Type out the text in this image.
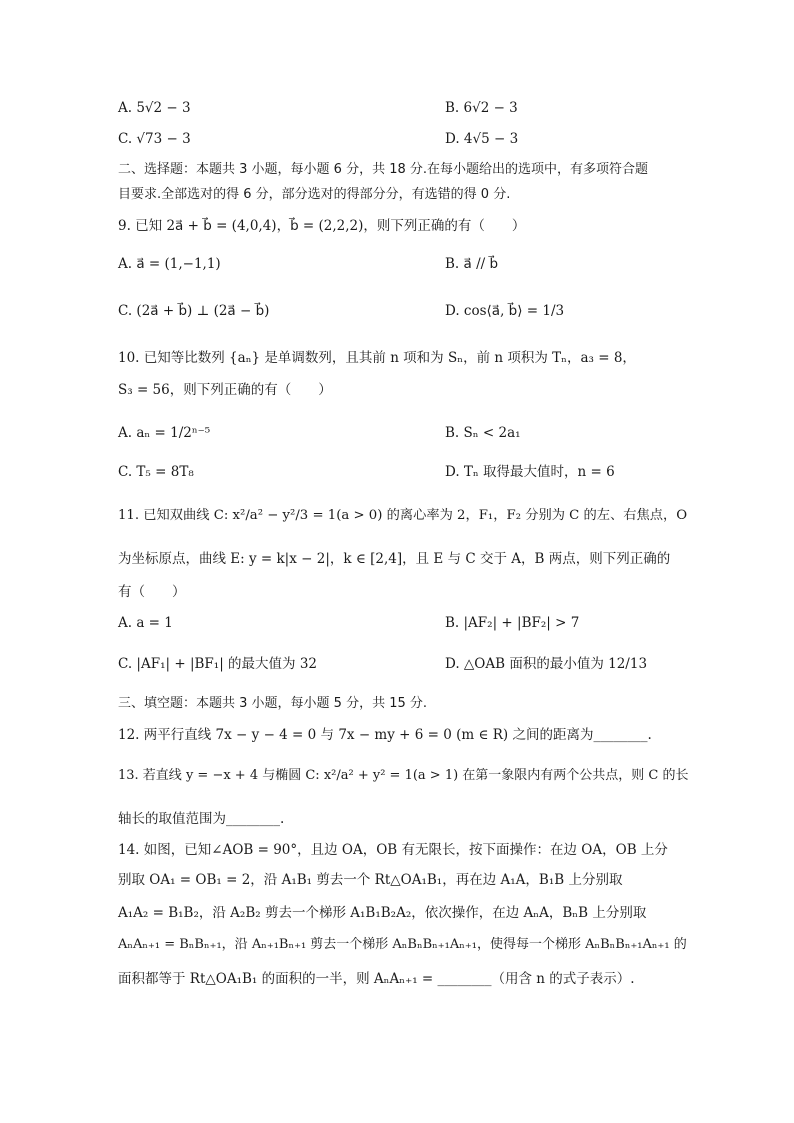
A. 5√2 − 3	B. 6√2 − 3
C. √73 − 3	D. 4√5 − 3
二、选择题：本题共 3 小题，每小题 6 分，共 18 分.在每小题给出的选项中，有多项符合题
目要求.全部选对的得 6 分，部分选对的得部分分，有选错的得 0 分.
9. 已知 2a⃗ + b⃗ = (4,0,4)，b⃗ = (2,2,2)，则下列正确的有（　　）
A. a⃗ = (1,−1,1)	B. a⃗ // b⃗
C. (2a⃗ + b⃗) ⊥ (2a⃗ − b⃗)	D. cos⟨a⃗, b⃗⟩ = 1/3
10. 已知等比数列 {aₙ} 是单调数列，且其前 n 项和为 Sₙ，前 n 项积为 Tₙ，a₃ = 8，
S₃ = 56，则下列正确的有（　　）
A. aₙ = 1/2ⁿ⁻⁵	B. Sₙ < 2a₁
C. T₅ = 8T₈	D. Tₙ 取得最大值时，n = 6
11. 已知双曲线 C: x²/a² − y²/3 = 1(a > 0) 的离心率为 2，F₁，F₂ 分别为 C 的左、右焦点，O
为坐标原点，曲线 E: y = k|x − 2|，k ∈ [2,4]，且 E 与 C 交于 A，B 两点，则下列正确的
有（　　）
A. a = 1	B. |AF₂| + |BF₂| > 7
C. |AF₁| + |BF₁| 的最大值为 32	D. △OAB 面积的最小值为 12/13
三、填空题：本题共 3 小题，每小题 5 分，共 15 分.
12. 两平行直线 7x − y − 4 = 0 与 7x − my + 6 = 0 (m ∈ R) 之间的距离为________.
13. 若直线 y = −x + 4 与椭圆 C: x²/a² + y² = 1(a > 1) 在第一象限内有两个公共点，则 C 的长
轴长的取值范围为________.
14. 如图，已知∠AOB = 90°，且边 OA，OB 有无限长，按下面操作：在边 OA，OB 上分
别取 OA₁ = OB₁ = 2，沿 A₁B₁ 剪去一个 Rt△OA₁B₁，再在边 A₁A，B₁B 上分别取
A₁A₂ = B₁B₂，沿 A₂B₂ 剪去一个梯形 A₁B₁B₂A₂，依次操作，在边 AₙA，BₙB 上分别取
AₙAₙ₊₁ = BₙBₙ₊₁，沿 Aₙ₊₁Bₙ₊₁ 剪去一个梯形 AₙBₙBₙ₊₁Aₙ₊₁，使得每一个梯形 AₙBₙBₙ₊₁Aₙ₊₁ 的
面积都等于 Rt△OA₁B₁ 的面积的一半，则 AₙAₙ₊₁ = ________（用含 n 的式子表示）.
